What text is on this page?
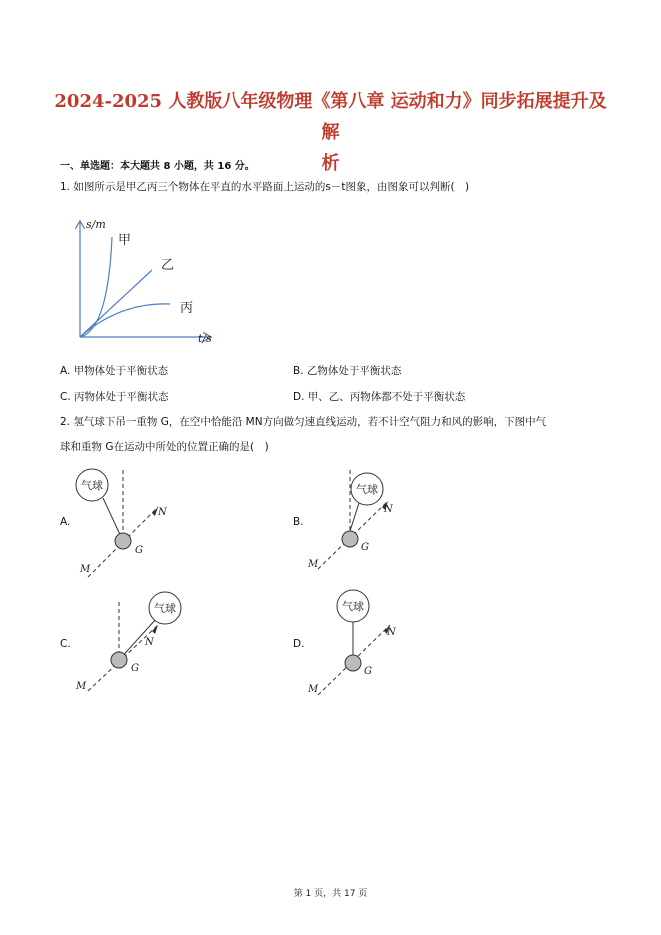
2024-2025 人教版八年级物理《第八章 运动和力》同步拓展提升及解
析
一、单选题：本大题共 8 小题，共 16 分。
1. 如图所示是甲乙丙三个物体在平直的水平路面上运动的s－t图象，由图象可以判断(　)
s/m
t/s
甲
乙
丙
A. 甲物体处于平衡状态	B. 乙物体处于平衡状态
C. 丙物体处于平衡状态	D. 甲、乙、丙物体都不处于平衡状态
2. 氢气球下吊一重物 G，在空中恰能沿 MN方向做匀速直线运动，若不计空气阻力和风的影响，下图中气
球和重物 G在运动中所处的位置正确的是(　)
A.
气球
G
M
N
B.
气球
G
M
N
C.
气球
G
M
N	D.
气球
G
M
N
第 1 页，共 17 页
